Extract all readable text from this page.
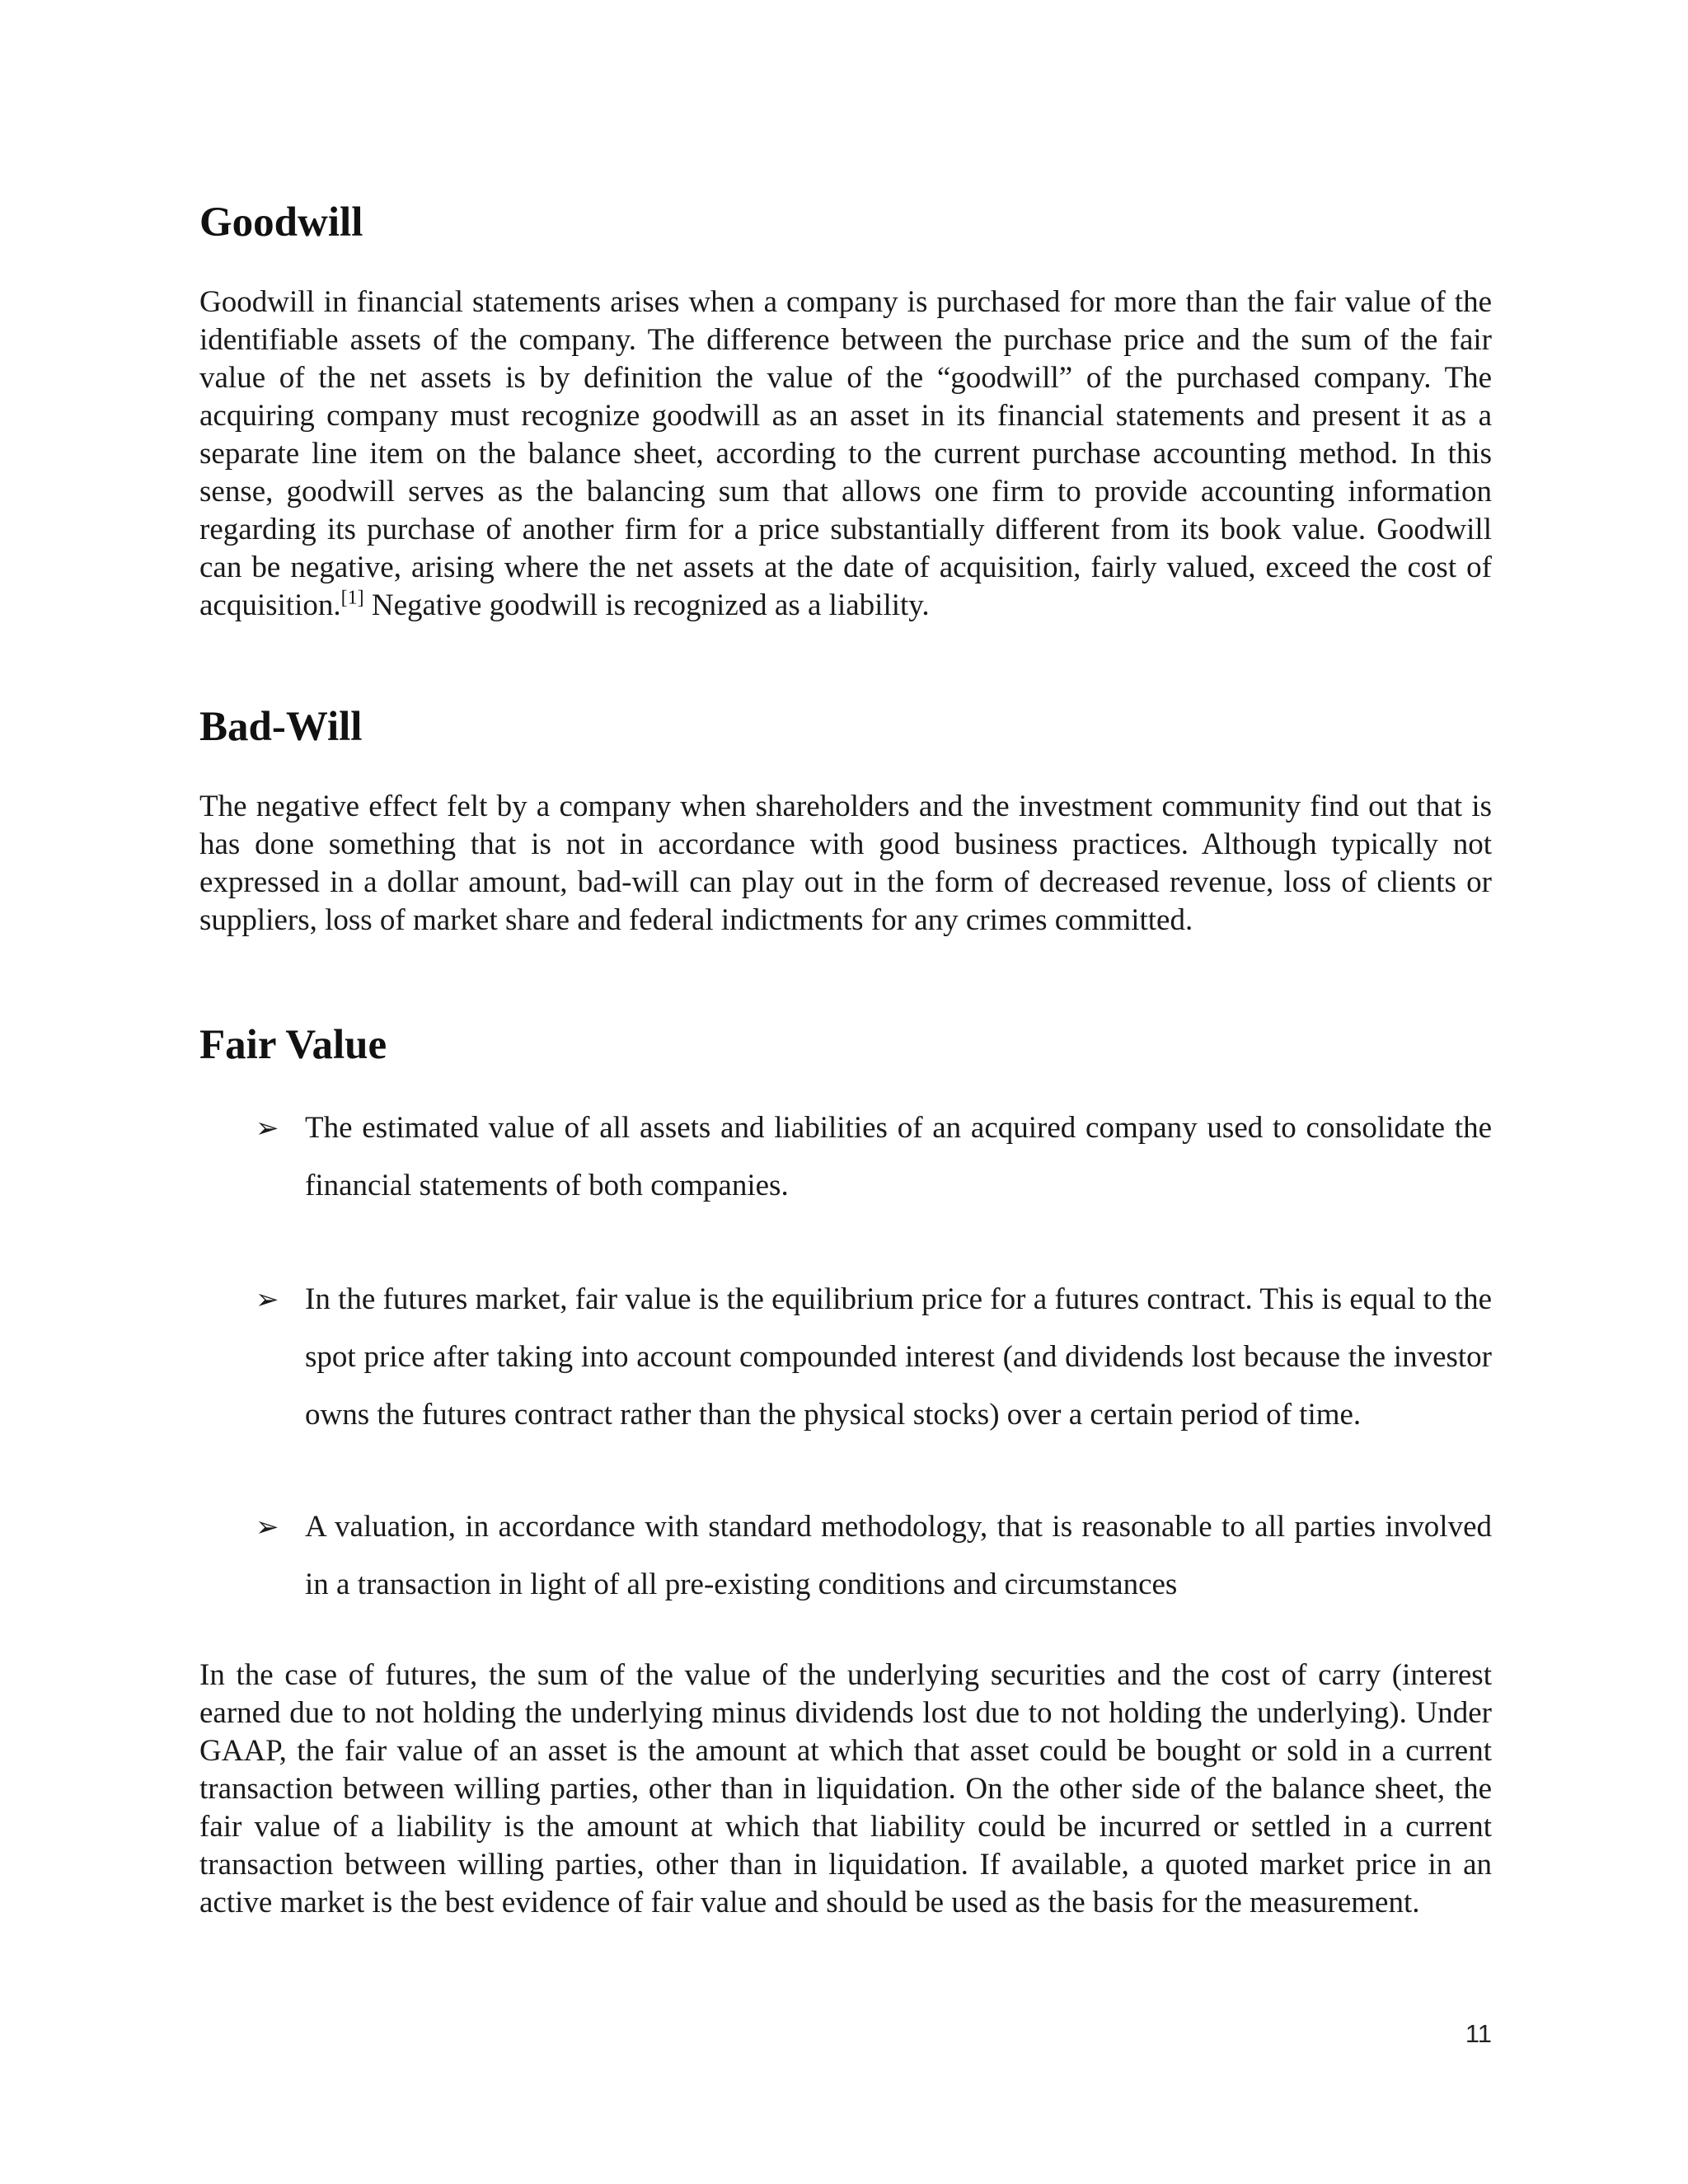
Goodwill

Goodwill in financial statements arises when a company is purchased for more than the fair value of the identifiable assets of the company. The difference between the purchase price and the sum of the fair value of the net assets is by definition the value of the “goodwill” of the purchased company. The acquiring company must recognize goodwill as an asset in its financial statements and present it as a separate line item on the balance sheet, according to the current purchase accounting method. In this sense, goodwill serves as the balancing sum that allows one firm to provide accounting information regarding its purchase of another firm for a price substantially different from its book value. Goodwill can be negative, arising where the net assets at the date of acquisition, fairly valued, exceed the cost of acquisition.[1] Negative goodwill is recognized as a liability.

Bad-Will

The negative effect felt by a company when shareholders and the investment community find out that is has done something that is not in accordance with good business practices. Although typically not expressed in a dollar amount, bad-will can play out in the form of decreased revenue, loss of clients or suppliers, loss of market share and federal indictments for any crimes committed.

Fair Value
➢ The estimated value of all assets and liabilities of an acquired company used to consolidate the financial statements of both companies.
➢ In the futures market, fair value is the equilibrium price for a futures contract. This is equal to the spot price after taking into account compounded interest (and dividends lost because the investor owns the futures contract rather than the physical stocks) over a certain period of time.
➢ A valuation, in accordance with standard methodology, that is reasonable to all parties involved in a transaction in light of all pre-existing conditions and circumstances

In the case of futures, the sum of the value of the underlying securities and the cost of carry (interest earned due to not holding the underlying minus dividends lost due to not holding the underlying). Under GAAP, the fair value of an asset is the amount at which that asset could be bought or sold in a current transaction between willing parties, other than in liquidation. On the other side of the balance sheet, the fair value of a liability is the amount at which that liability could be incurred or settled in a current transaction between willing parties, other than in liquidation. If available, a quoted market price in an active market is the best evidence of fair value and should be used as the basis for the measurement.

11
